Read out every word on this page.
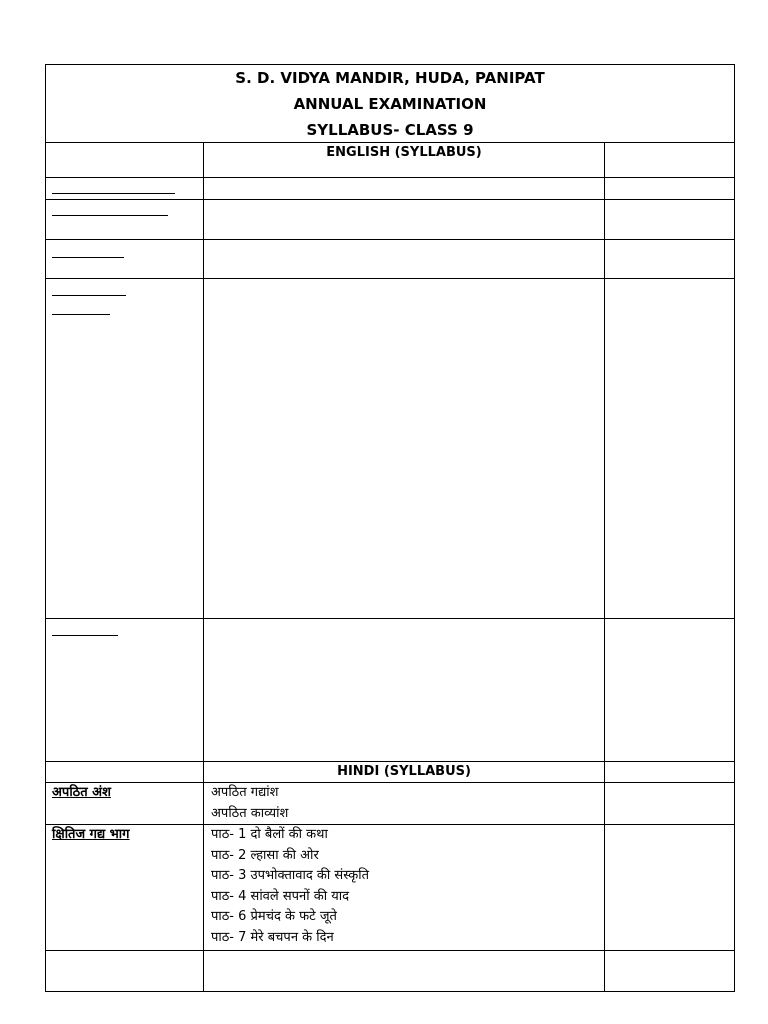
S. D. VIDYA MANDIR, HUDA, PANIPAT
ANNUAL EXAMINATION
SYLLABUS- CLASS 9
ENGLISH (SYLLABUS)
HINDI (SYLLABUS)
अपठित अंश	अपठित गद्यांश
अपठित काव्यांश
क्षितिज गद्य भाग	पाठ- 1 दो बैलों की कथा
पाठ- 2 ल्हासा की ओर
पाठ- 3 उपभोक्तावाद की संस्कृति
पाठ- 4 सांवले सपनों की याद
पाठ- 6 प्रेमचंद के फटे जूते
पाठ- 7 मेरे बचपन के दिन
